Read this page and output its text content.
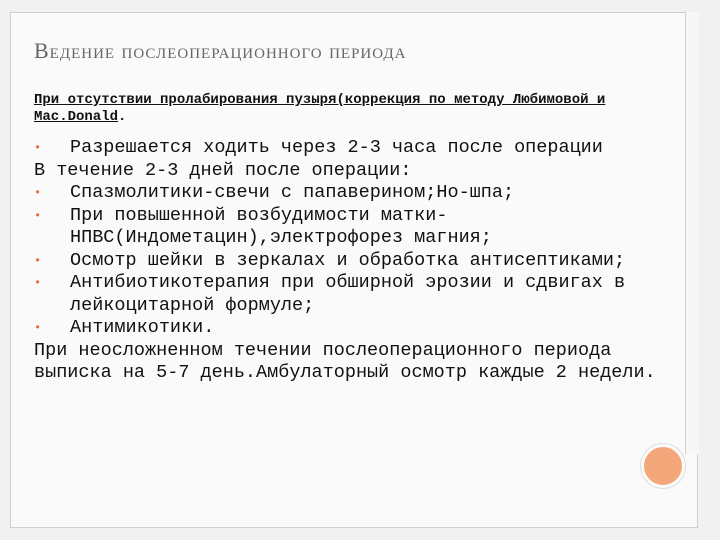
Ведение послеоперационного периода
При отсутствии пролабирования пузыря(коррекция по методу Любимовой и Mac.Donald.
•	Разрешается ходить через 2-3 часа после операции
В течение 2-3 дней после операции:
•	Спазмолитики-свечи с папаверином;Но-шпа;
•	При повышенной возбудимости матки-НПВС(Индометацин),электрофорез магния;
•	Осмотр шейки в зеркалах и обработка антисептиками;
•	Антибиотикотерапия при обширной эрозии и сдвигах в лейкоцитарной формуле;
•	Антимикотики.
При неосложненном течении послеоперационного периода выписка на 5-7 день.Амбулаторный осмотр каждые 2 недели.
